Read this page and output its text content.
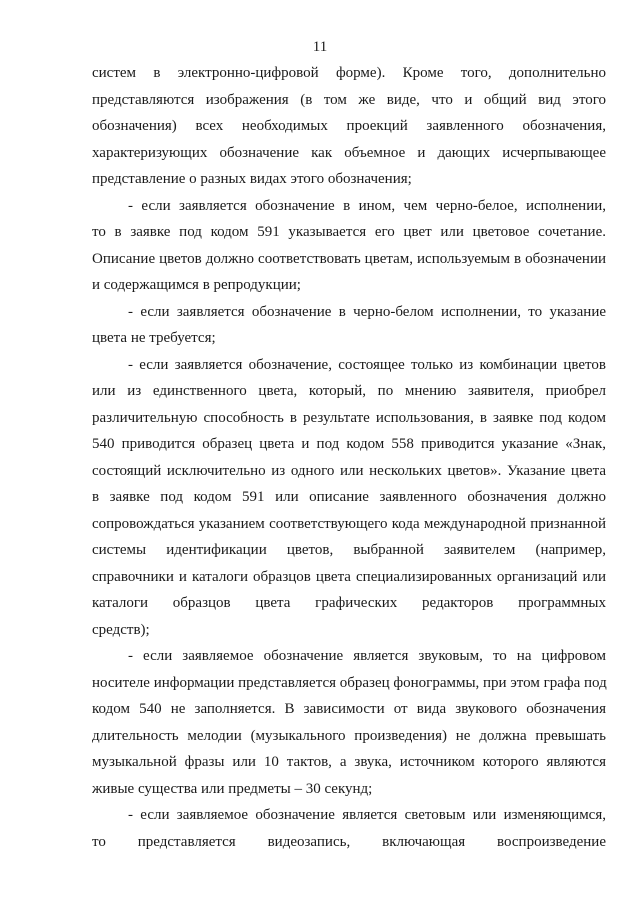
11
систем в электронно-цифровой форме). Кроме того, дополнительно
представляются изображения (в том же виде, что и общий вид этого
обозначения) всех необходимых проекций заявленного обозначения,
характеризующих обозначение как объемное и дающих исчерпывающее
представление о разных видах этого обозначения;
- если заявляется обозначение в ином, чем черно-белое, исполнении,
то в заявке под кодом 591 указывается его цвет или цветовое сочетание.
Описание цветов должно соответствовать цветам, используемым в обозначении
и содержащимся в репродукции;
- если заявляется обозначение в черно-белом исполнении, то указание
цвета не требуется;
- если заявляется обозначение, состоящее только из комбинации цветов
или из единственного цвета, который, по мнению заявителя, приобрел
различительную способность в результате использования, в заявке под кодом
540 приводится образец цвета и под кодом 558 приводится указание «Знак,
состоящий исключительно из одного или нескольких цветов». Указание цвета
в заявке под кодом 591 или описание заявленного обозначения должно
сопровождаться указанием соответствующего кода международной признанной
системы идентификации цветов, выбранной заявителем (например,
справочники и каталоги образцов цвета специализированных организаций или
каталоги образцов цвета графических редакторов программных
средств);
- если заявляемое обозначение является звуковым, то на цифровом
носителе информации представляется образец фонограммы, при этом графа под
кодом 540 не заполняется. В зависимости от вида звукового обозначения
длительность мелодии (музыкального произведения) не должна превышать
музыкальной фразы или 10 тактов, а звука, источником которого являются
живые существа или предметы – 30 секунд;
- если заявляемое обозначение является световым или изменяющимся,
то представляется видеозапись, включающая воспроизведение
